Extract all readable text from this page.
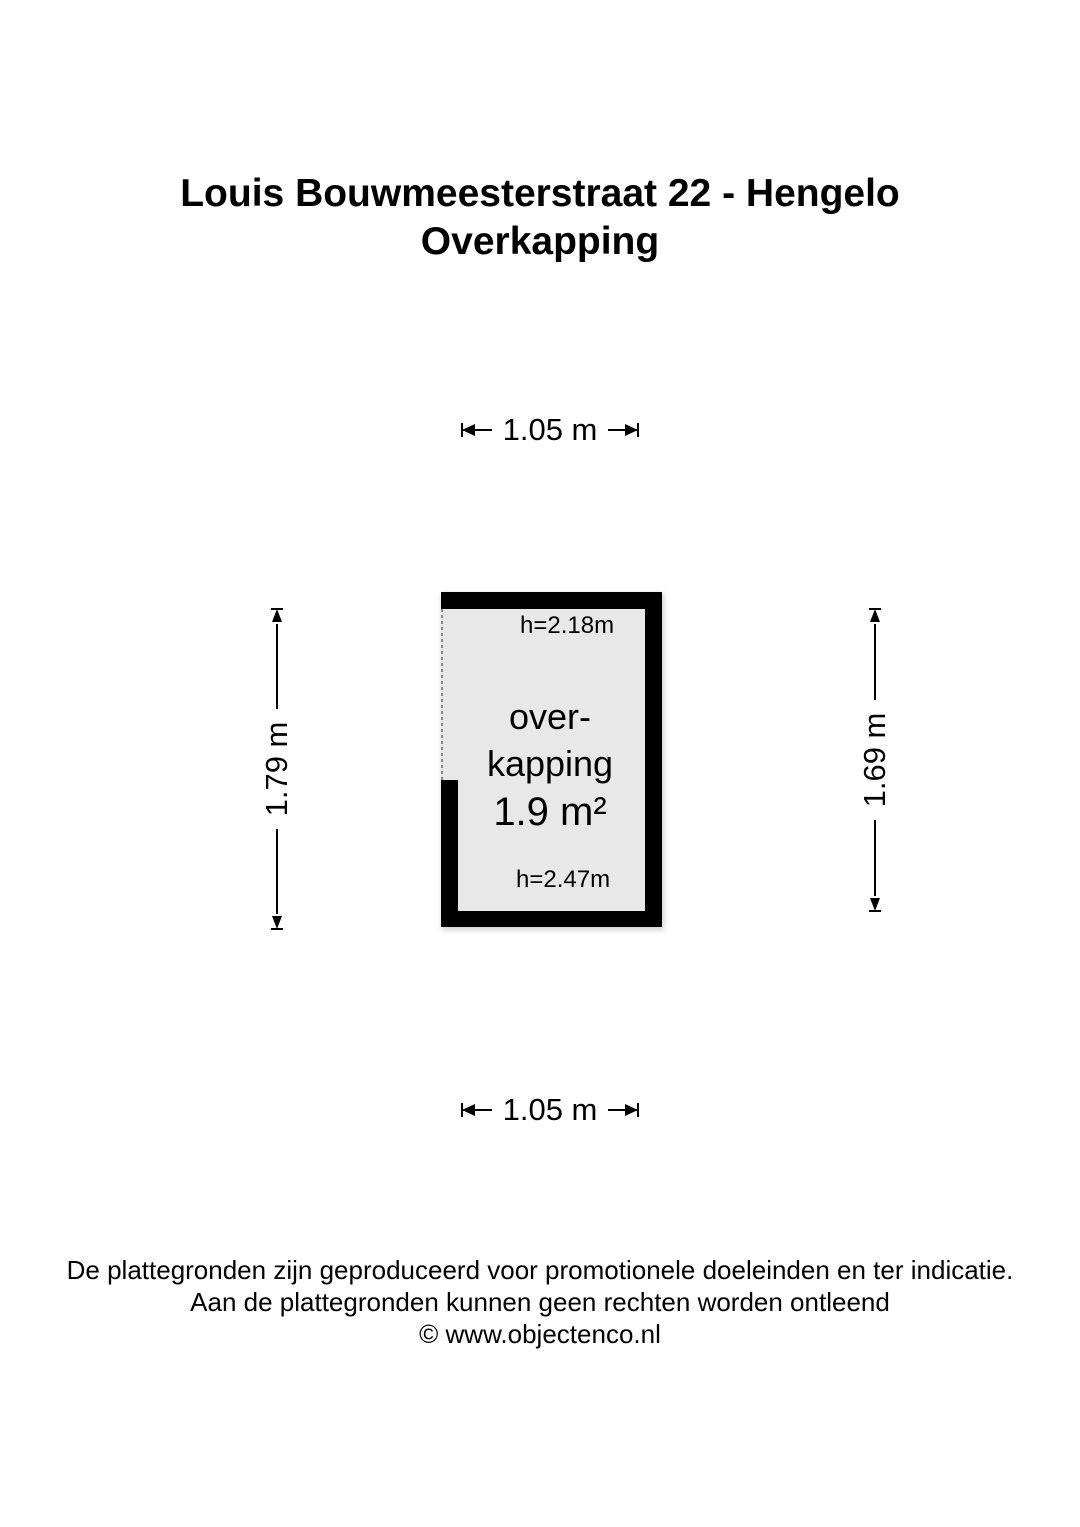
Louis Bouwmeesterstraat 22 - Hengelo
Overkapping
1.05 m
1.05 m
1.79 m	1.69 m
h=2.18m
over-
kapping
1.9 m²
h=2.47m

De plattegronden zijn geproduceerd voor promotionele doeleinden en ter indicatie.

Aan de plattegronden kunnen geen rechten worden ontleend

© www.objectenco.nl
